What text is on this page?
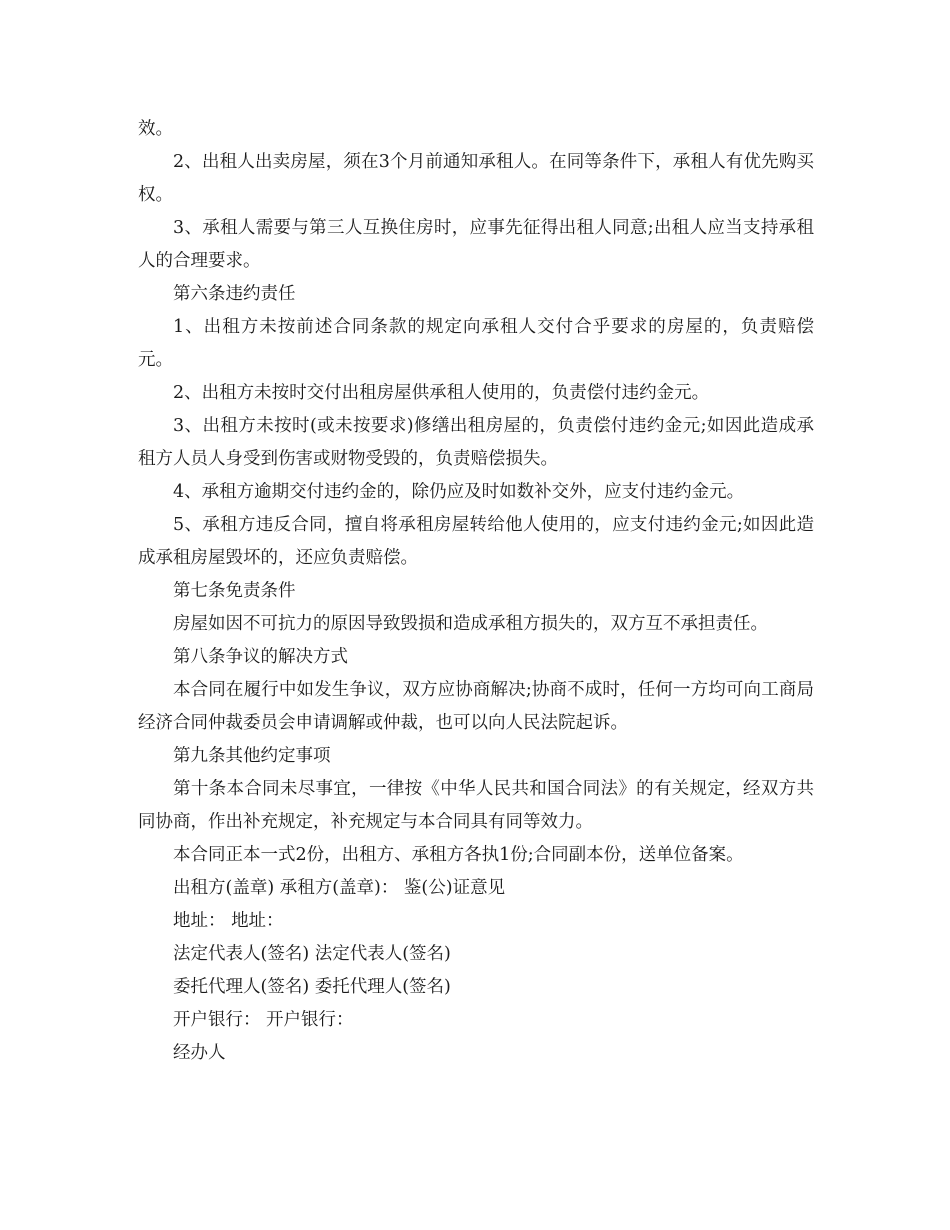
效。

2、出租人出卖房屋，须在3个月前通知承租人。在同等条件下，承租人有优先购买权。

3、承租人需要与第三人互换住房时，应事先征得出租人同意;出租人应当支持承租人的合理要求。

第六条违约责任

1、出租方未按前述合同条款的规定向承租人交付合乎要求的房屋的，负责赔偿元。

2、出租方未按时交付出租房屋供承租人使用的，负责偿付违约金元。

3、出租方未按时(或未按要求)修缮出租房屋的，负责偿付违约金元;如因此造成承租方人员人身受到伤害或财物受毁的，负责赔偿损失。

4、承租方逾期交付违约金的，除仍应及时如数补交外，应支付违约金元。

5、承租方违反合同，擅自将承租房屋转给他人使用的，应支付违约金元;如因此造成承租房屋毁坏的，还应负责赔偿。

第七条免责条件

房屋如因不可抗力的原因导致毁损和造成承租方损失的，双方互不承担责任。

第八条争议的解决方式

本合同在履行中如发生争议，双方应协商解决;协商不成时，任何一方均可向工商局经济合同仲裁委员会申请调解或仲裁，也可以向人民法院起诉。

第九条其他约定事项

第十条本合同未尽事宜，一律按《中华人民共和国合同法》的有关规定，经双方共同协商，作出补充规定，补充规定与本合同具有同等效力。

本合同正本一式2份，出租方、承租方各执1份;合同副本份，送单位备案。

出租方(盖章) 承租方(盖章)： 鉴(公)证意见

地址： 地址：

法定代表人(签名) 法定代表人(签名)

委托代理人(签名) 委托代理人(签名)

开户银行： 开户银行：

经办人
